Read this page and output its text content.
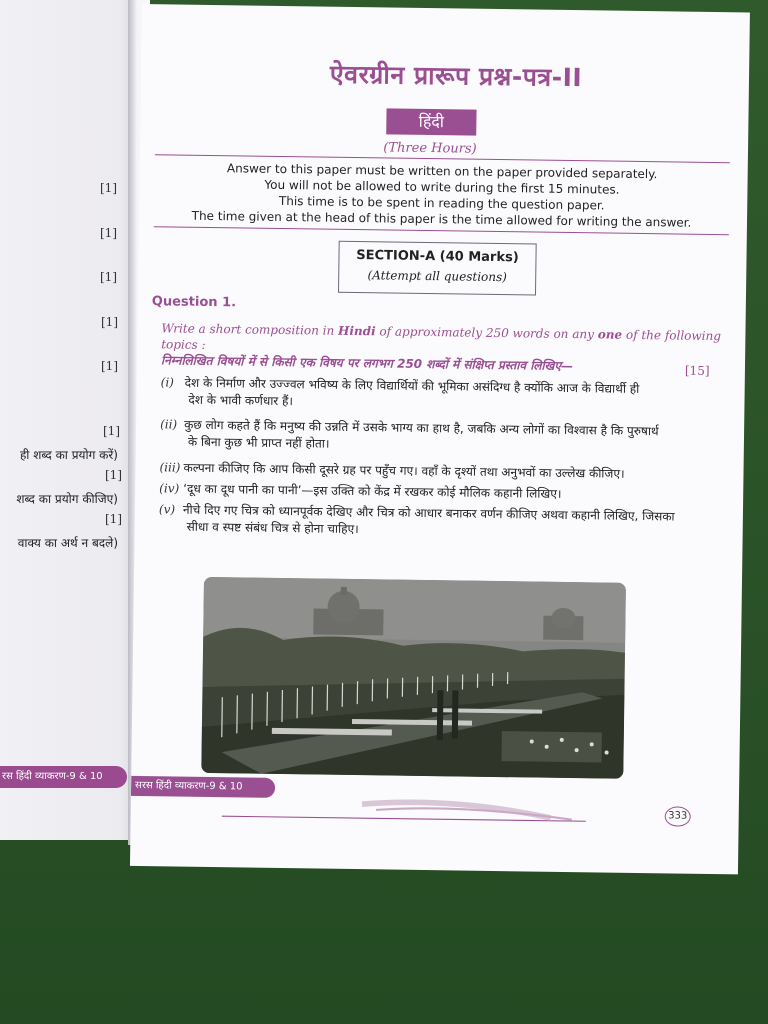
[1]
[1]
[1]
[1]
[1]
[1]
ही शब्द का प्रयोग करें)
[1]
शब्द का प्रयोग कीजिए)
[1]
वाक्य का अर्थ न बदले)
रस हिंदी व्याकरण-9 & 10
ऐवरग्रीन प्रारूप प्रश्न-पत्र-II
हिंदी
(Three Hours)
Answer to this paper must be written on the paper provided separately.
You will not be allowed to write during the first 15 minutes.
This time is to be spent in reading the question paper.
The time given at the head of this paper is the time allowed for writing the answer.
SECTION-A (40 Marks)
(Attempt all questions)
Question 1.
Write a short composition in Hindi of approximately 250 words on any one of the following topics :
[15]
निम्नलिखित विषयों में से किसी एक विषय पर लगभग 250 शब्दों में संक्षिप्त प्रस्ताव लिखिए—
(i) देश के निर्माण और उज्ज्वल भविष्य के लिए विद्यार्थियों की भूमिका असंदिग्ध है क्योंकि आज के विद्यार्थी ही
देश के भावी कर्णधार हैं।
(ii) कुछ लोग कहते हैं कि मनुष्य की उन्नति में उसके भाग्य का हाथ है, जबकि अन्य लोगों का विश्वास है कि पुरुषार्थ
के बिना कुछ भी प्राप्त नहीं होता।
(iii) कल्पना कीजिए कि आप किसी दूसरे ग्रह पर पहुँच गए। वहाँ के दृश्यों तथा अनुभवों का उल्लेख कीजिए।
(iv) ‘दूध का दूध पानी का पानी’—इस उक्ति को केंद्र में रखकर कोई मौलिक कहानी लिखिए।
(v) नीचे दिए गए चित्र को ध्यानपूर्वक देखिए और चित्र को आधार बनाकर वर्णन कीजिए अथवा कहानी लिखिए, जिसका
सीधा व स्पष्ट संबंध चित्र से होना चाहिए।
सरस हिंदी व्याकरण-9 & 10
333
